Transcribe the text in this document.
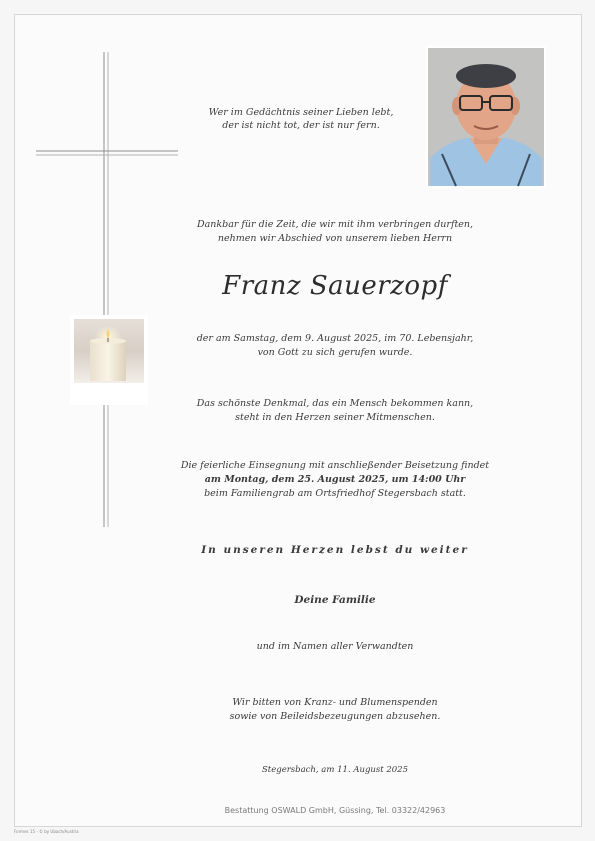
Wer im Gedächtnis seiner Lieben lebt,
der ist nicht tot, der ist nur fern.
Dankbar für die Zeit, die wir mit ihm verbringen durften,
nehmen wir Abschied von unserem lieben Herrn
Franz Sauerzopf
der am Samstag, dem 9. August 2025, im 70. Lebensjahr,
von Gott zu sich gerufen wurde.
Das schönste Denkmal, das ein Mensch bekommen kann,
steht in den Herzen seiner Mitmenschen.
Die feierliche Einsegnung mit anschließender Beisetzung findet
am Montag, dem 25. August 2025, um 14:00 Uhr
beim Familiengrab am Ortsfriedhof Stegersbach statt.
In unseren Herzen lebst du weiter
Deine Familie
und im Namen aller Verwandten
Wir bitten von Kranz- und Blumenspenden
sowie von Beileidsbezeugungen abzusehen.
Stegersbach, am 11. August 2025
Bestattung OSWALD GmbH, Güssing, Tel. 03322/42963
Formes 15 - © by Ubach/Austria
